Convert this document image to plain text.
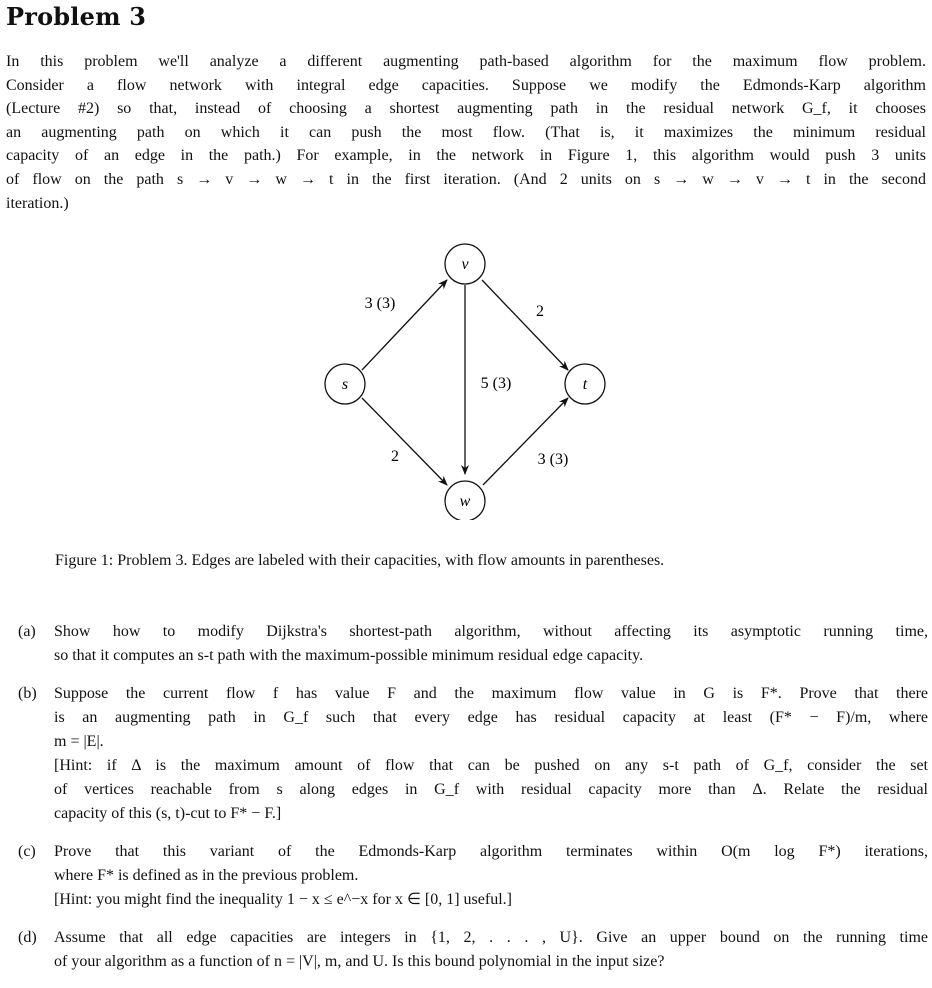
Problem 3
In this problem we'll analyze a different augmenting path-based algorithm for the maximum flow problem.
Consider a flow network with integral edge capacities. Suppose we modify the Edmonds-Karp algorithm
(Lecture #2) so that, instead of choosing a shortest augmenting path in the residual network G_f, it chooses
an augmenting path on which it can push the most flow. (That is, it maximizes the minimum residual
capacity of an edge in the path.) For example, in the network in Figure 1, this algorithm would push 3 units
of flow on the path s → v → w → t in the first iteration. (And 2 units on s → w → v → t in the second
iteration.)
v
s	t
w
3 (3)	2
5 (3)
2	3 (3)
Figure 1: Problem 3. Edges are labeled with their capacities, with flow amounts in parentheses.
(a) Show how to modify Dijkstra's shortest-path algorithm, without affecting its asymptotic running time,
so that it computes an s-t path with the maximum-possible minimum residual edge capacity.
(b) Suppose the current flow f has value F and the maximum flow value in G is F*. Prove that there
is an augmenting path in G_f such that every edge has residual capacity at least (F* − F)/m, where
m = |E|.
[Hint: if Δ is the maximum amount of flow that can be pushed on any s-t path of G_f, consider the set
of vertices reachable from s along edges in G_f with residual capacity more than Δ. Relate the residual
capacity of this (s, t)-cut to F* − F.]
(c) Prove that this variant of the Edmonds-Karp algorithm terminates within O(m log F*) iterations,
where F* is defined as in the previous problem.
[Hint: you might find the inequality 1 − x ≤ e^−x for x ∈ [0, 1] useful.]
(d) Assume that all edge capacities are integers in {1, 2, . . . , U}. Give an upper bound on the running time
of your algorithm as a function of n = |V|, m, and U. Is this bound polynomial in the input size?
